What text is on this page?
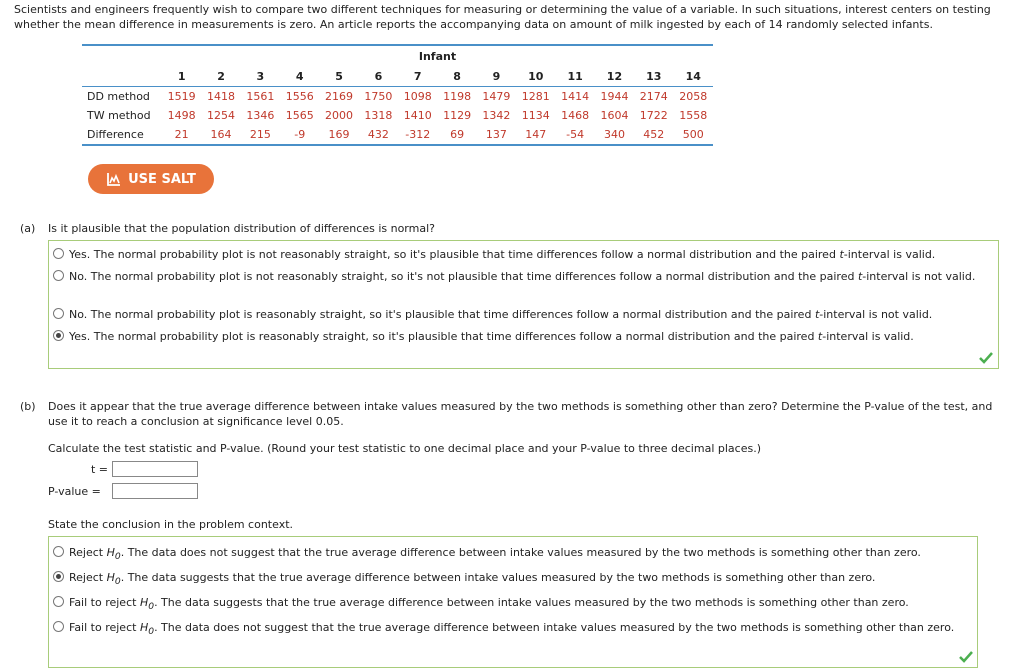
Scientists and engineers frequently wish to compare two different techniques for measuring or determining the value of a variable. In such situations, interest centers on testing whether the mean difference in measurements is zero. An article reports the accompanying data on amount of milk ingested by each of 14 randomly selected infants.
	Infant													
	1	2	3	4	5	6	7	8	9	10	11	12	13	14
DD method	1519	1418	1561	1556	2169	1750	1098	1198	1479	1281	1414	1944	2174	2058
TW method	1498	1254	1346	1565	2000	1318	1410	1129	1342	1134	1468	1604	1722	1558
Difference	21	164	215	-9	169	432	-312	69	137	147	-54	340	452	500
USE SALT
(a) Is it plausible that the population distribution of differences is normal?
Yes. The normal probability plot is not reasonably straight, so it's plausible that time differences follow a normal distribution and the paired t-interval is valid.
No. The normal probability plot is not reasonably straight, so it's not plausible that time differences follow a normal distribution and the paired t-interval is not valid.
No. The normal probability plot is reasonably straight, so it's plausible that time differences follow a normal distribution and the paired t-interval is not valid.
Yes. The normal probability plot is reasonably straight, so it's plausible that time differences follow a normal distribution and the paired t-interval is valid.
(b) Does it appear that the true average difference between intake values measured by the two methods is something other than zero? Determine the P-value of the test, and use it to reach a conclusion at significance level 0.05.
Calculate the test statistic and P-value. (Round your test statistic to one decimal place and your P-value to three decimal places.)
t =
P-value =
State the conclusion in the problem context.
Reject $H_0$. The data does not suggest that the true average difference between intake values measured by the two methods is something other than zero.
Reject $H_0$. The data suggests that the true average difference between intake values measured by the two methods is something other than zero.
Fail to reject $H_0$. The data suggests that the true average difference between intake values measured by the two methods is something other than zero.
Fail to reject $H_0$. The data does not suggest that the true average difference between intake values measured by the two methods is something other than zero.
